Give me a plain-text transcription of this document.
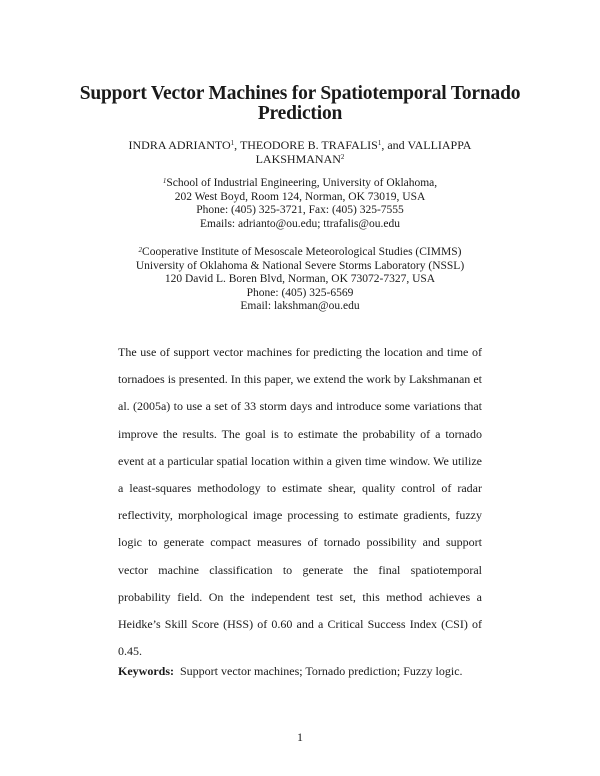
Support Vector Machines for Spatiotemporal Tornado
Prediction
INDRA ADRIANTO$^1$, THEODORE B. TRAFALIS$^1$, and VALLIAPPA
LAKSHMANAN$^2$
$^1$School of Industrial Engineering, University of Oklahoma,
202 West Boyd, Room 124, Norman, OK 73019, USA
Phone: (405) 325-3721, Fax: (405) 325-7555
Emails: adrianto@ou.edu; ttrafalis@ou.edu
$^2$Cooperative Institute of Mesoscale Meteorological Studies (CIMMS)
University of Oklahoma & National Severe Storms Laboratory (NSSL)
120 David L. Boren Blvd, Norman, OK 73072-7327, USA
Phone: (405) 325-6569
Email: lakshman@ou.edu
The use of support vector machines for predicting the location and time of tornadoes is presented. In this paper, we extend the work by Lakshmanan et al. (2005a) to use a set of 33 storm days and introduce some variations that improve the results. The goal is to estimate the probability of a tornado event at a particular spatial location within a given time window. We utilize a least-squares methodology to estimate shear, quality control of radar reflectivity, morphological image processing to estimate gradients, fuzzy logic to generate compact measures of tornado possibility and support vector machine classification to generate the final spatiotemporal probability field. On the independent test set, this method achieves a Heidke’s Skill Score (HSS) of 0.60 and a Critical Success Index (CSI) of 0.45.
Keywords: Support vector machines; Tornado prediction; Fuzzy logic.
1
